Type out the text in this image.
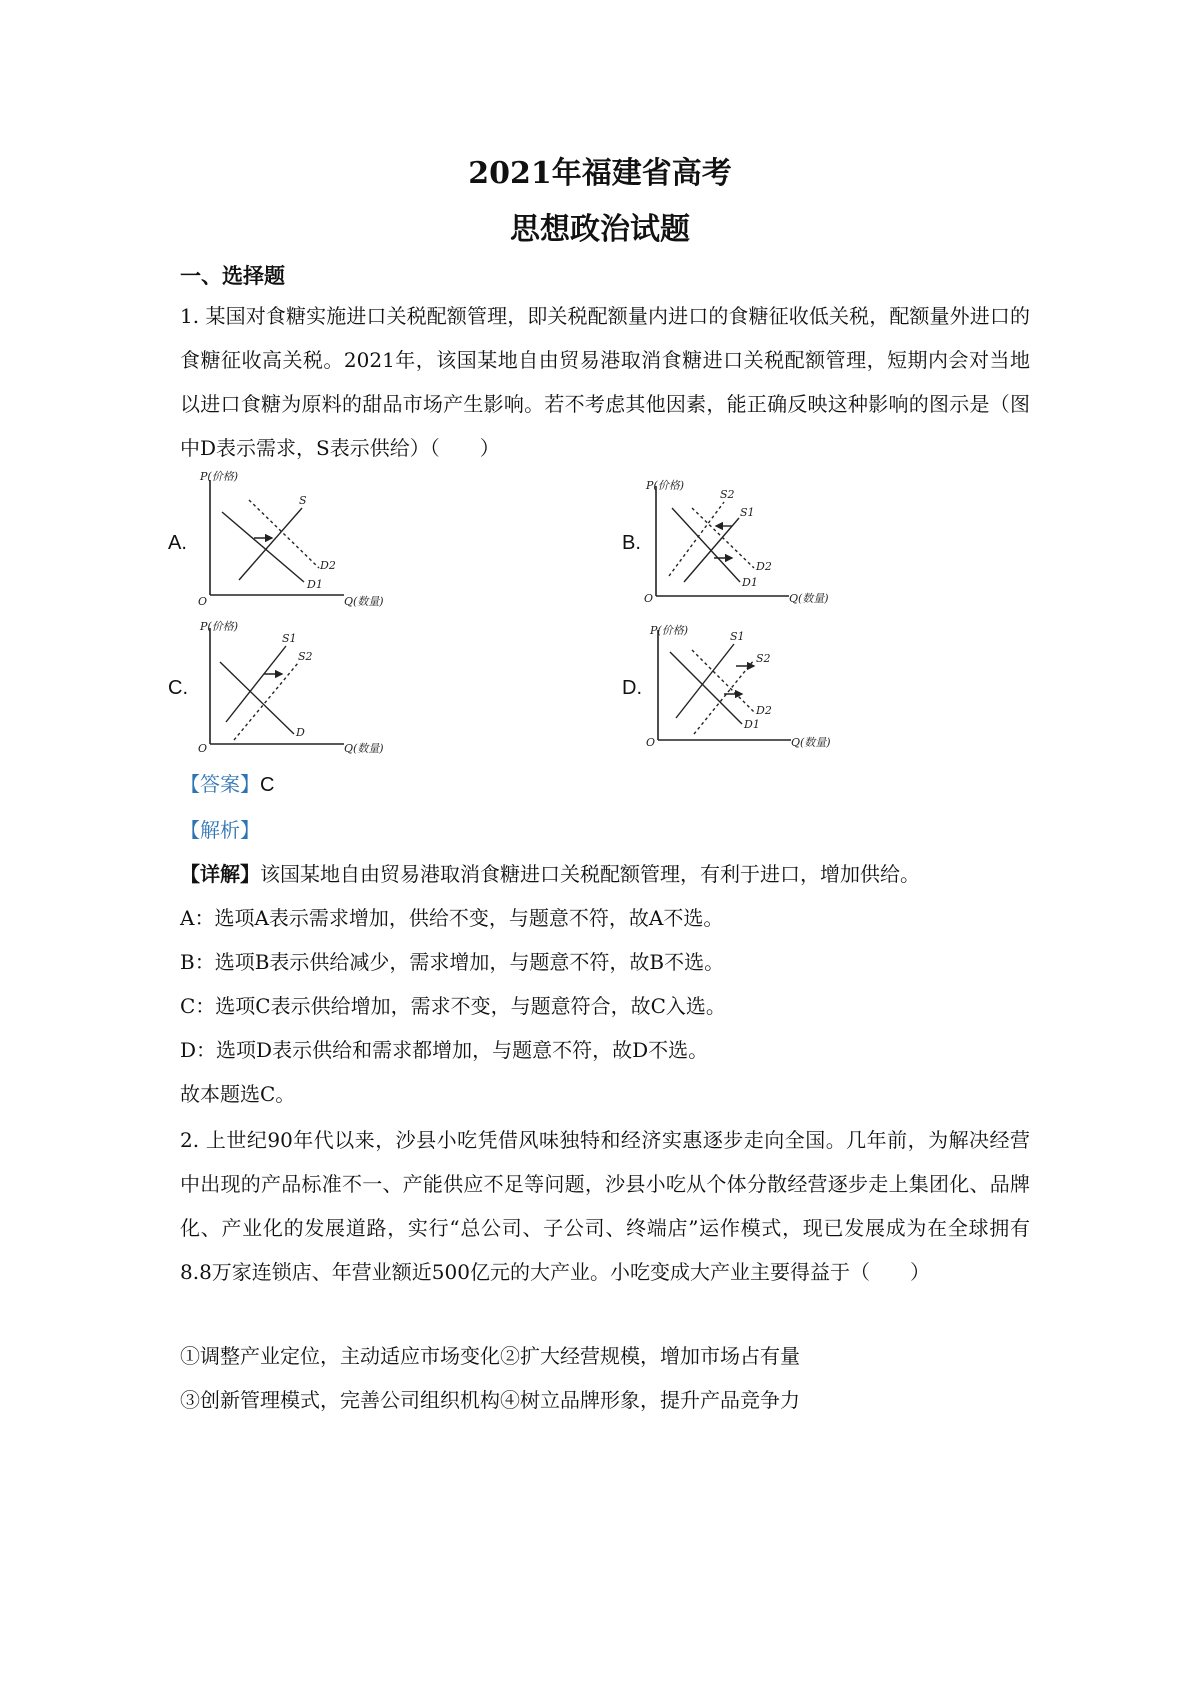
2021年福建省高考
思想政治试题
一、选择题
1. 某国对食糖实施进口关税配额管理，即关税配额量内进口的食糖征收低关税，配额量外进口的食糖征收高关税。2021年，该国某地自由贸易港取消食糖进口关税配额管理，短期内会对当地以进口食糖为原料的甜品市场产生影响。若不考虑其他因素，能正确反映这种影响的图示是（图中D表示需求，S表示供给）（　　）
A.	B.
C.	D.
P(价格)
Q(数量)
O
S
D2
D1
P(价格)
Q(数量)
O
S2
S1
D2
D1
P(价格)
Q(数量)
O
S1
S2
D
P(价格)
Q(数量)
O
S1
S2
D2
D1
【答案】C
【解析】
【详解】该国某地自由贸易港取消食糖进口关税配额管理，有利于进口，增加供给。
A：选项A表示需求增加，供给不变，与题意不符，故A不选。
B：选项B表示供给减少，需求增加，与题意不符，故B不选。
C：选项C表示供给增加，需求不变，与题意符合，故C入选。
D：选项D表示供给和需求都增加，与题意不符，故D不选。
故本题选C。
2. 上世纪90年代以来，沙县小吃凭借风味独特和经济实惠逐步走向全国。几年前，为解决经营中出现的产品标准不一、产能供应不足等问题，沙县小吃从个体分散经营逐步走上集团化、品牌化、产业化的发展道路，实行“总公司、子公司、终端店”运作模式，现已发展成为在全球拥有8.8万家连锁店、年营业额近500亿元的大产业。小吃变成大产业主要得益于（　　）
①调整产业定位，主动适应市场变化②扩大经营规模，增加市场占有量
③创新管理模式，完善公司组织机构④树立品牌形象，提升产品竞争力
